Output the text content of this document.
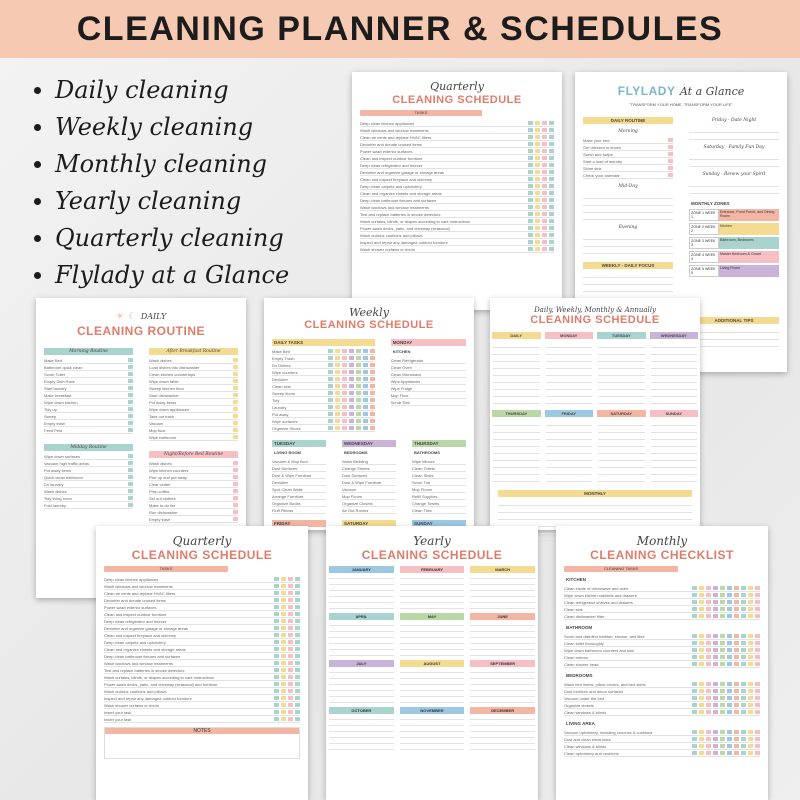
CLEANING PLANNER & SCHEDULES
Daily cleaning
Weekly cleaning
Monthly cleaning
Yearly cleaning
Quarterly cleaning
Flylady at a Glance
Quarterly
CLEANING SCHEDULE
TASKS
Deep clean kitchen appliances
Wash windows and window treatments
Clean air vents and replace HVAC filters
Declutter and donate unused items
Power wash exterior surfaces
Clean and inspect outdoor furniture
Deep clean refrigerator and freezer
Declutter and organize garage or storage areas
Clean and inspect fireplace and chimney
Deep clean carpets and upholstery
Clean and organize closets and storage areas
Deep clean bathroom fixtures and surfaces
Wash windows and window treatments
Test and replace batteries in smoke detectors
Wash curtains, blinds, or drapes according to care instructions
Power wash decks, patio, and driveway (seasonal)
Wash outdoor cushions and pillows
Inspect and repair any damaged outdoor furniture
Wash shower curtains or doors
FLYLADY At a Glance
"TRANSFORM YOUR HOME, TRANSFORM YOUR LIFE"
DAILY ROUTINE
Morning
Make your bed
Get dressed to shoes
Swish and swipe
Start a load of laundry
Shine sink
Check your calendar
Mid-Day
Evening
WEEKLY - DAILY FOCUS
Friday - Date Night
Saturday - Family Fun Day
Sunday - Renew your Spirit
MONTHLY ZONES
ZONE 1 WEEK 1
Entrance, Front Porch, and Dining Room
ZONE 2 WEEK 2
Kitchen
ZONE 3 WEEK 3
Bathroom, Bedrooms
ZONE 4 WEEK 4
Master Bedroom & Closet
ZONE 5 WEEK 5
Living Room
ADDITIONAL TIPS
☀ ☾ DAILY
CLEANING ROUTINE
Morning Routine
Make Bed
Bathroom quick clean
Scrub Toilet
Empty Dish Rack
Start laundry
Make breakfast
Wipe down kitchen
Tidy up
Sweep
Empty trash
Feed Pets
Midday Routine
Wipe down surfaces
Vacuum high traffic areas
Put away items
Quick clean bathroom
Do laundry
Wash dishes
Tidy living room
Fold laundry
After Breakfast Routine
Wash dishes
Load dishes into dishwasher
Clean kitchen countertops
Wipe down table
Sweep kitchen floor
Start dishwasher
Put away items
Wipe down appliances
Take out trash
Vacuum
Mop floor
Wipe bathroom
Night/Before Bed Routine
Wash dishes
Wipe kitchen counters
Pick up and put away
Clear clutter
Prep coffee
Set out clothes
Make to-do list
Run dishwasher
Empty trash
Weekly
CLEANING SCHEDULE
DAILY TASKS
Make Bed
Empty Trash
Do Dishes
Wipe counters
Declutter
Clean sink
Sweep floors
Tidy
Laundry
Put away
Wipe surfaces
Organize Shoes
MONDAY
KITCHEN
Clean Refrigerator
Clean Oven
Clean Microwave
Wipe Appliances
Wipe Fridge
Mop Floor
Scrub Sink
TUESDAY
LIVING ROOM
Vacuum & Mop floor
Dust Surfaces
Dust & Wipe Furniture
Declutter
Spot Clean Walls
Arrange Furniture
Organize Books
Fluff Pillows
WEDNESDAY
BEDROOMS
Wash Bedding
Change Sheets
Dust Surfaces
Dust & Wipe Furniture
Vacuum
Mop Floors
Organize Closets
Air Out Rooms
THURSDAY
BATHROOMS
Wipe Mirrors
Clean Toilets
Clean Sinks
Scrub Tub
Mop Floors
Refill Supplies
Change Towels
Clean Tiles
FRIDAY	SATURDAY	SUNDAY
Daily, Weekly, Monthly & Annually
CLEANING SCHEDULE
DAILY	MONDAY	TUESDAY	WEDNESDAY
THURSDAY	FRIDAY	SATURDAY	SUNDAY
MONTHLY
Quarterly
CLEANING SCHEDULE
TASKS
Deep clean kitchen appliances
Wash windows and window treatments
Clean air vents and replace HVAC filters
Declutter and donate unused items
Power wash exterior surfaces
Clean and inspect outdoor furniture
Deep clean refrigerator and freezer
Declutter and organize garage or storage areas
Clean and inspect fireplace and chimney
Deep clean carpets and upholstery
Clean and organize closets and storage areas
Deep clean bathroom fixtures and surfaces
Wash windows and window treatments
Test and replace batteries in smoke detectors
Wash curtains, blinds, or drapes according to care instructions
Power wash decks, patio, and driveway (seasonal) and furniture
Wash outdoor cushions and pillows
Inspect and repair any damaged outdoor furniture
Wash shower curtains or doors
Insert your task
Insert your task
NOTES
Yearly
CLEANING SCHEDULE
JANUARY	FEBRUARY	MARCH
APRIL	MAY	JUNE
JULY	AUGUST	SEPTEMBER
OCTOBER	NOVEMBER	DECEMBER
Monthly
CLEANING CHECKLIST
CLEANING TASKS
KITCHEN
Clean inside of microwave and oven
Wipe down kitchen cabinets and drawers
Clean refrigerator shelves and drawers
Clean sink
Clean dishwasher filter
BATHROOM
Scrub and disinfect bathtub, shower, and tiles
Clean toilet thoroughly
Wipe down bathroom counters and sink
Clean mirrors
Clean shower head
BEDROOMS
Wash bed linens, pillow covers, and bed skirts
Dust furniture and decor surfaces
Vacuum under the bed
Organize closets
Clean windows & blinds
LIVING AREA
Vacuum upholstery, including couches & cushions
Dust and clean electronics
Clean windows & blinds
Clean upholstery and cushions
